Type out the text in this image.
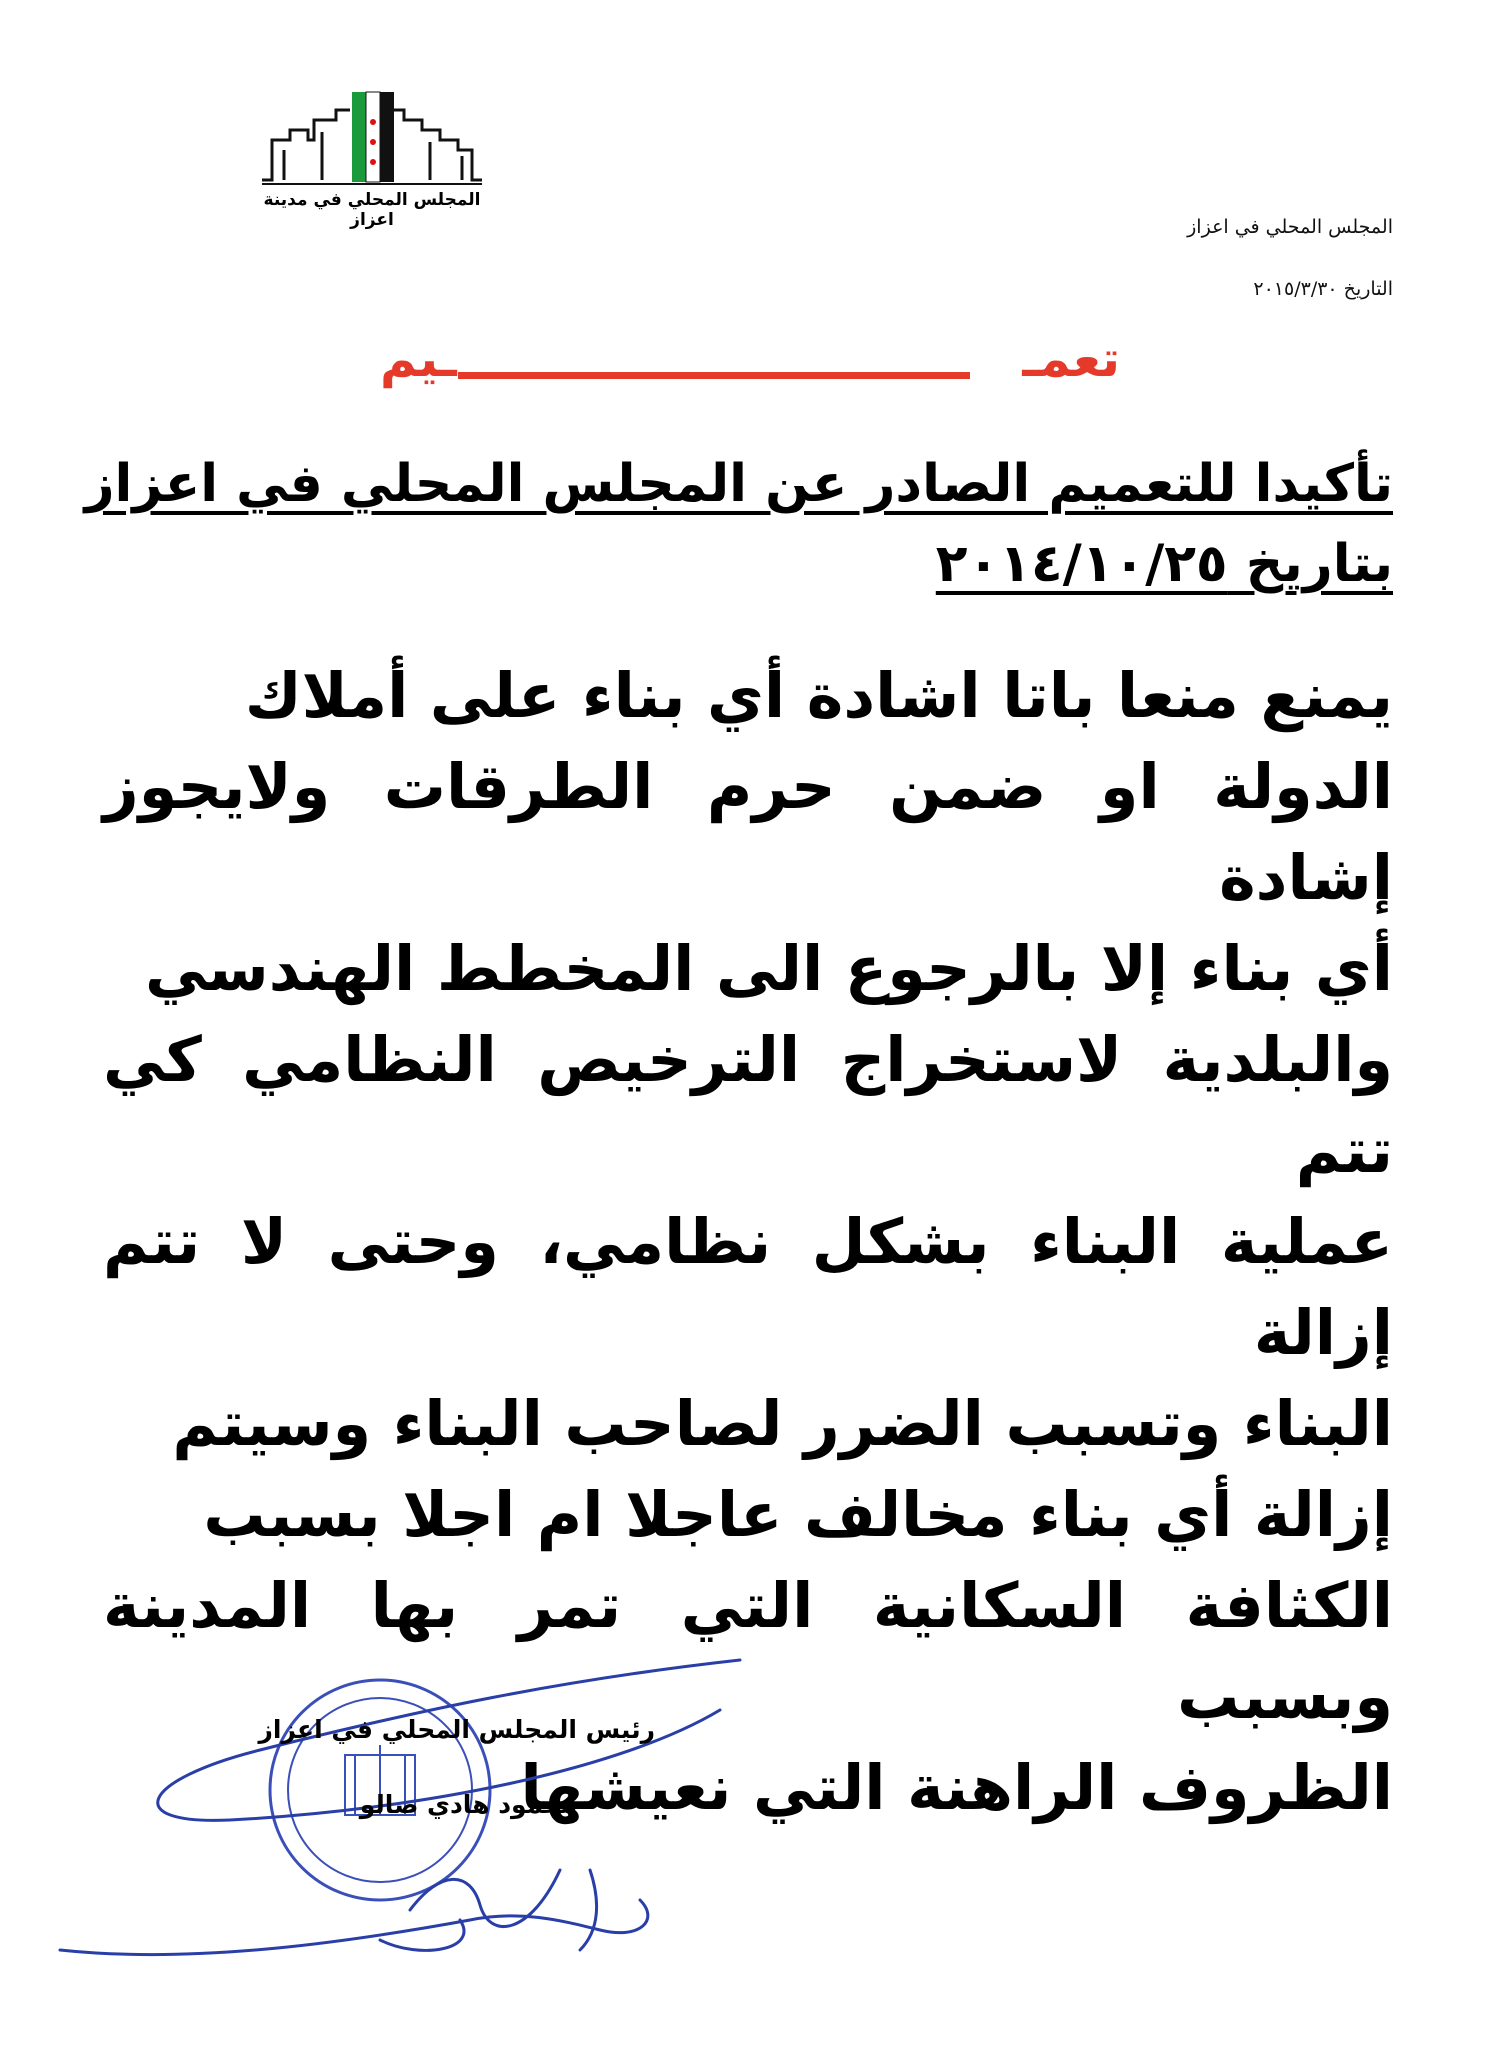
المجلس المحلي في مدينة اعزاز	المجلس المحلي في اعزاز
التاريخ ٢٠١٥/٣/٣٠
تعمـ
ـيم
تأكيدا للتعميم الصادر عن المجلس المحلي في اعزاز
بتاريخ ٢٠١٤/١٠/٢٥
يمنع منعا باتا اشادة أي بناء على أملاك
الدولة او ضمن حرم الطرقات ولايجوز إشادة
أي بناء إلا بالرجوع الى المخطط الهندسي
والبلدية لاستخراج الترخيص النظامي كي تتم
عملية البناء بشكل نظامي، وحتى لا تتم إزالة
البناء وتسبب الضرر لصاحب البناء وسيتم
إزالة أي بناء مخالف عاجلا ام اجلا بسبب
الكثافة السكانية التي تمر بها المدينة وبسبب
الظروف الراهنة التي نعيشها
رئيس المجلس المحلي في اعزاز
محمود هادي صالو
